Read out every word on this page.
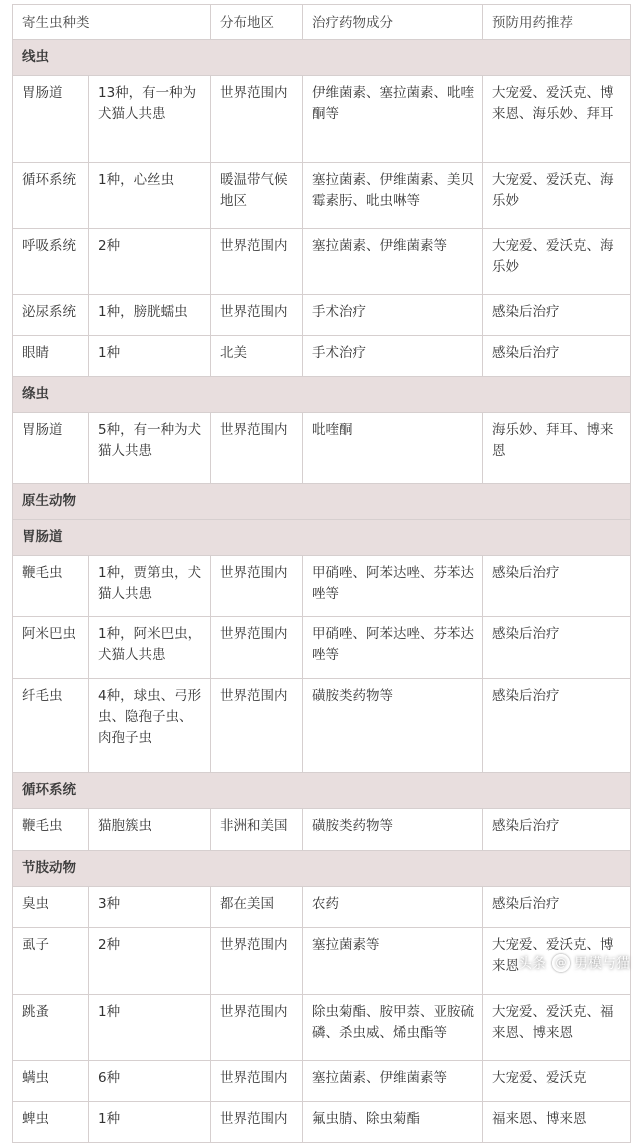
寄生虫种类		分布地区	治疗药物成分	预防用药推荐
线虫				
胃肠道	13种，有一种为犬猫人共患	世界范围内	伊维菌素、塞拉菌素、吡喹酮等	大宠爱、爱沃克、博来恩、海乐妙、拜耳
循环系统	1种，心丝虫	暖温带气候地区	塞拉菌素、伊维菌素、美贝霉素肟、吡虫啉等	大宠爱、爱沃克、海乐妙
呼吸系统	2种	世界范围内	塞拉菌素、伊维菌素等	大宠爱、爱沃克、海乐妙
泌尿系统	1种，膀胱蠕虫	世界范围内	手术治疗	感染后治疗
眼睛	1种	北美	手术治疗	感染后治疗
绦虫				
胃肠道	5种，有一种为犬猫人共患	世界范围内	吡喹酮	海乐妙、拜耳、博来恩
原生动物				
胃肠道				
鞭毛虫	1种，贾第虫，犬猫人共患	世界范围内	甲硝唑、阿苯达唑、芬苯达唑等	感染后治疗
阿米巴虫	1种，阿米巴虫，犬猫人共患	世界范围内	甲硝唑、阿苯达唑、芬苯达唑等	感染后治疗
纤毛虫	4种，球虫、弓形虫、隐孢子虫、肉孢子虫	世界范围内	磺胺类药物等	感染后治疗
循环系统				
鞭毛虫	猫胞簇虫	非洲和美国	磺胺类药物等	感染后治疗
节肢动物				
臭虫	3种	都在美国	农药	感染后治疗
虱子	2种	世界范围内	塞拉菌素等	大宠爱、爱沃克、博来恩
跳蚤	1种	世界范围内	除虫菊酯、胺甲萘、亚胺硫磷、杀虫威、烯虫酯等	大宠爱、爱沃克、福来恩、博来恩
螨虫	6种	世界范围内	塞拉菌素、伊维菌素等	大宠爱、爱沃克
蜱虫	1种	世界范围内	氟虫腈、除虫菊酯	福来恩、博来恩
头条 @ 男模与猫
